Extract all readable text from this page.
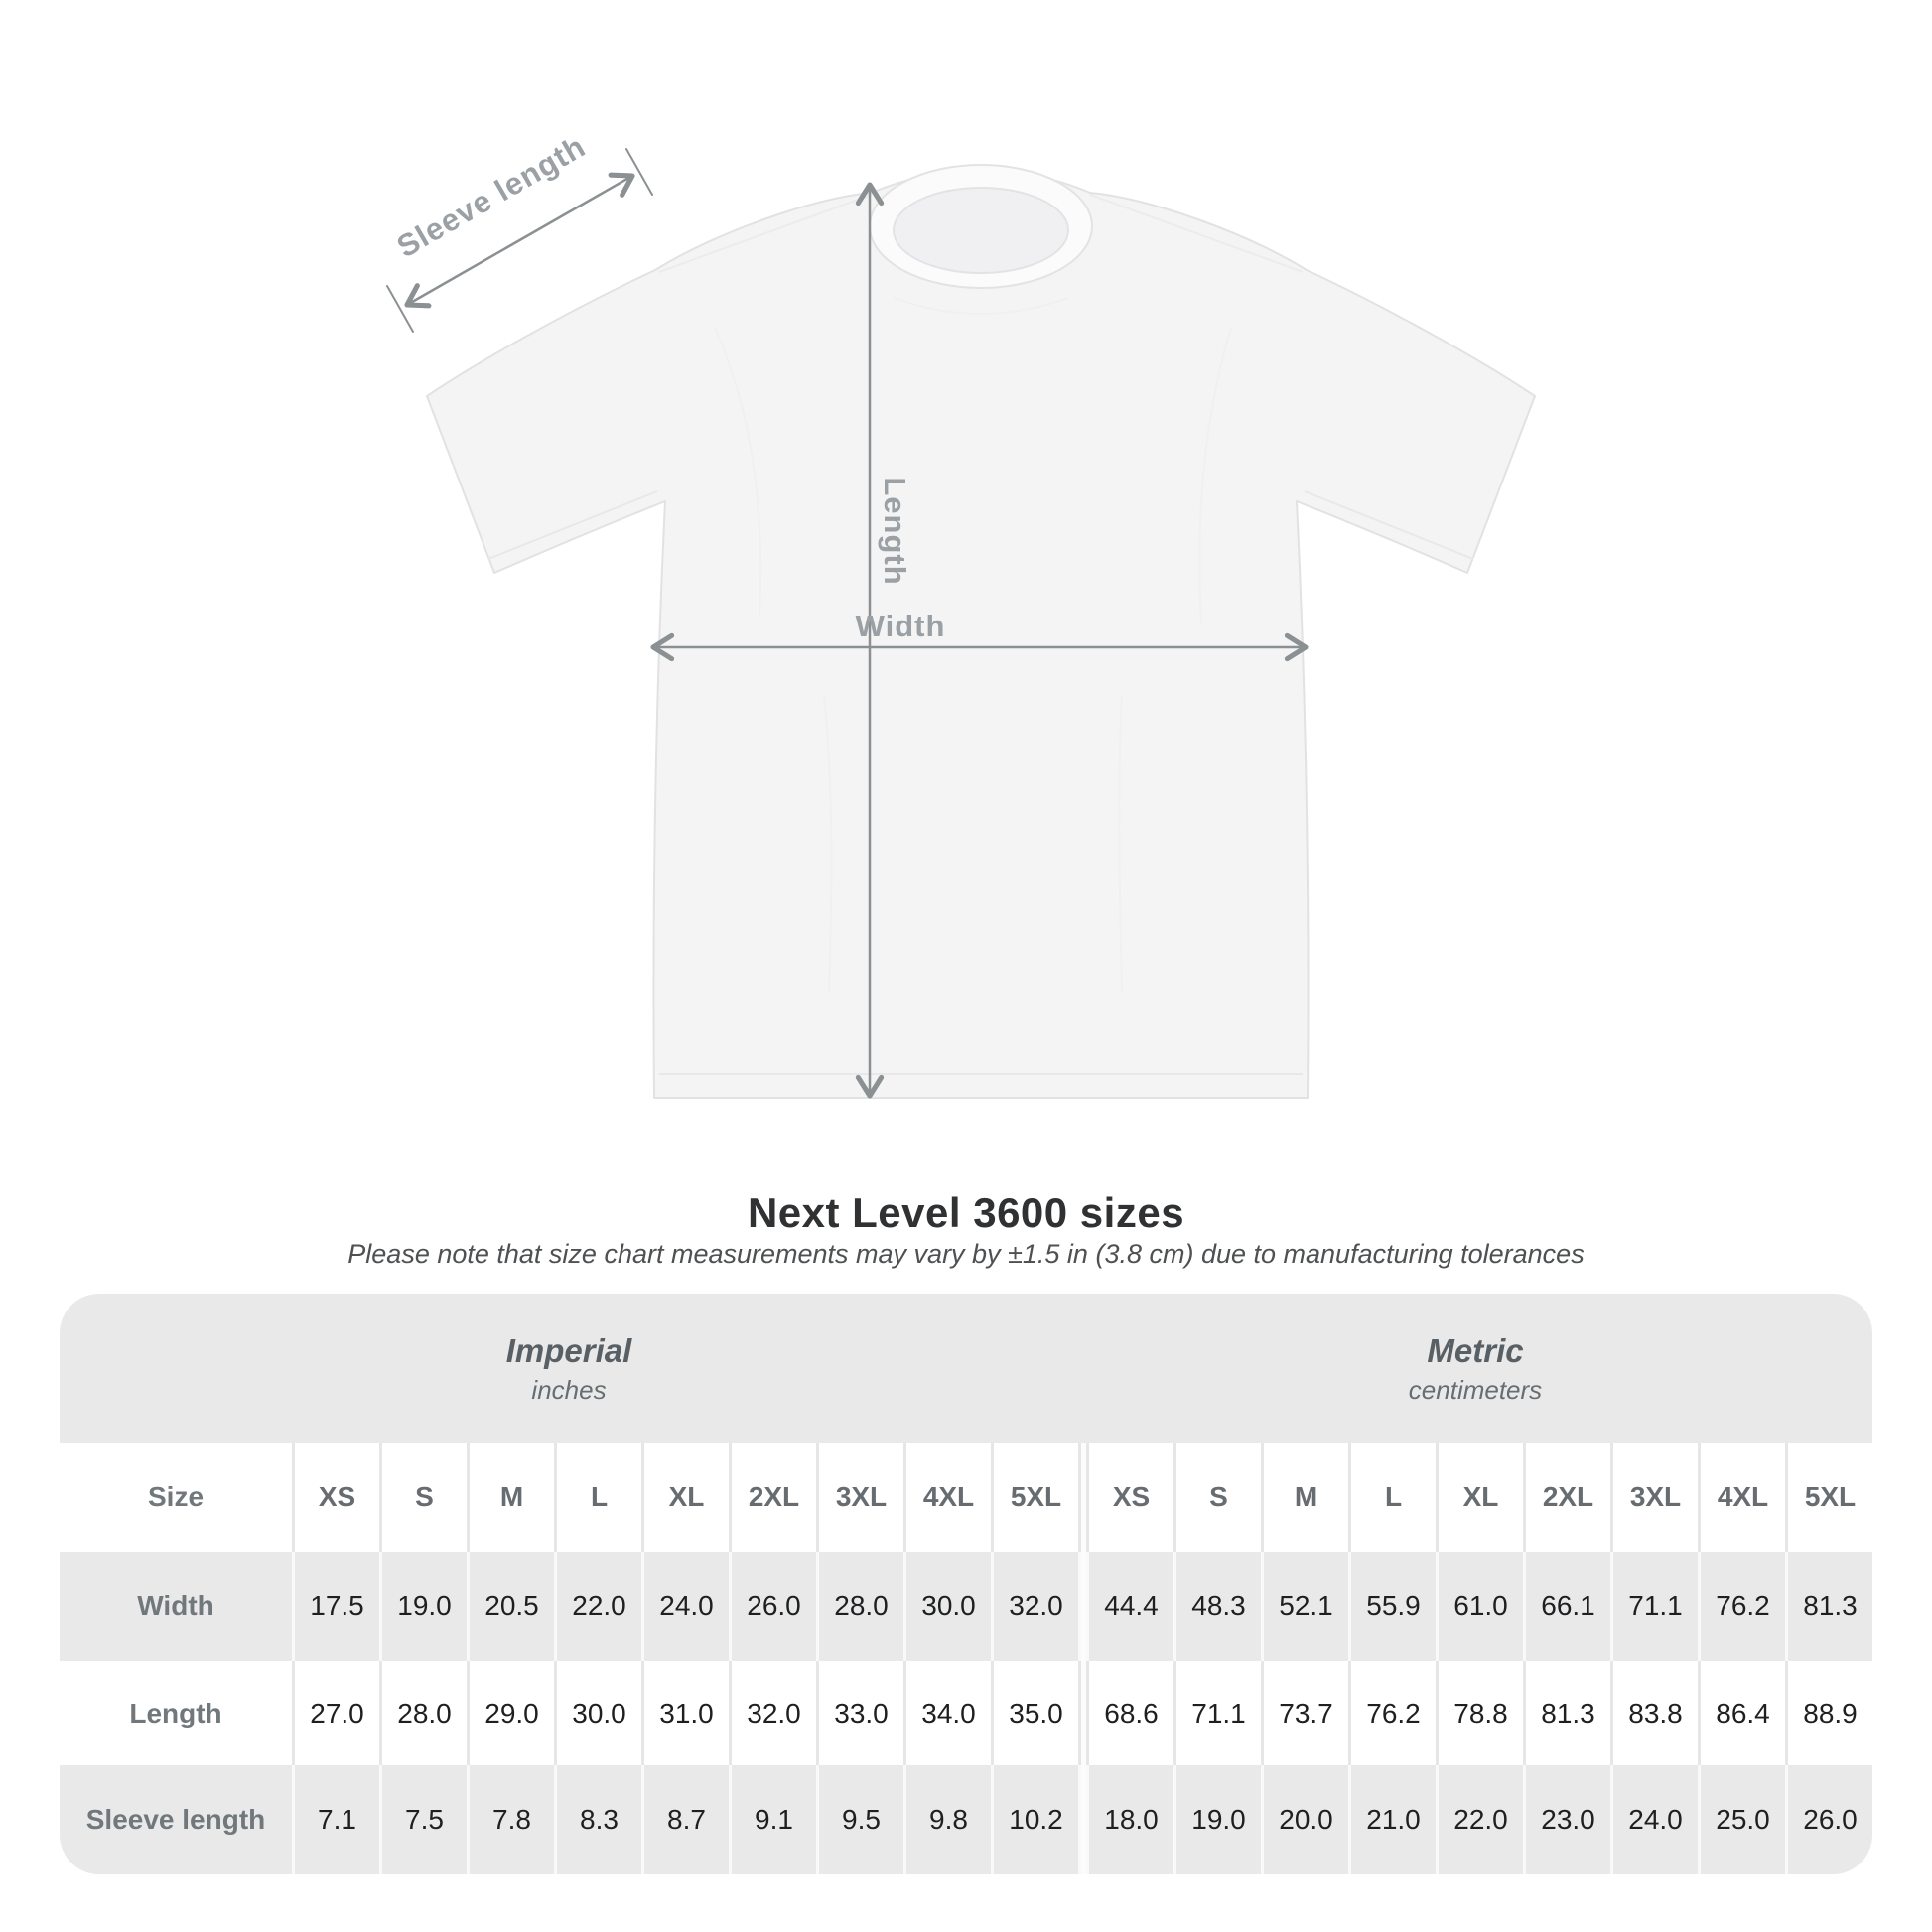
Sleeve length
Length
Width
Next Level 3600 sizes

Please note that size chart measurements may vary by ±1.5 in (3.8 cm) due to manufacturing tolerances

Imperial
inches
Metric
centimeters
Size	XS	S	M	L	XL	2XL	3XL	4XL	5XL	XS	S	M	L	XL	2XL	3XL	4XL	5XL
Width	17.5	19.0	20.5	22.0	24.0	26.0	28.0	30.0	32.0	44.4	48.3	52.1	55.9	61.0	66.1	71.1	76.2	81.3
Length	27.0	28.0	29.0	30.0	31.0	32.0	33.0	34.0	35.0	68.6	71.1	73.7	76.2	78.8	81.3	83.8	86.4	88.9
Sleeve length	7.1	7.5	7.8	8.3	8.7	9.1	9.5	9.8	10.2	18.0	19.0	20.0	21.0	22.0	23.0	24.0	25.0	26.0
